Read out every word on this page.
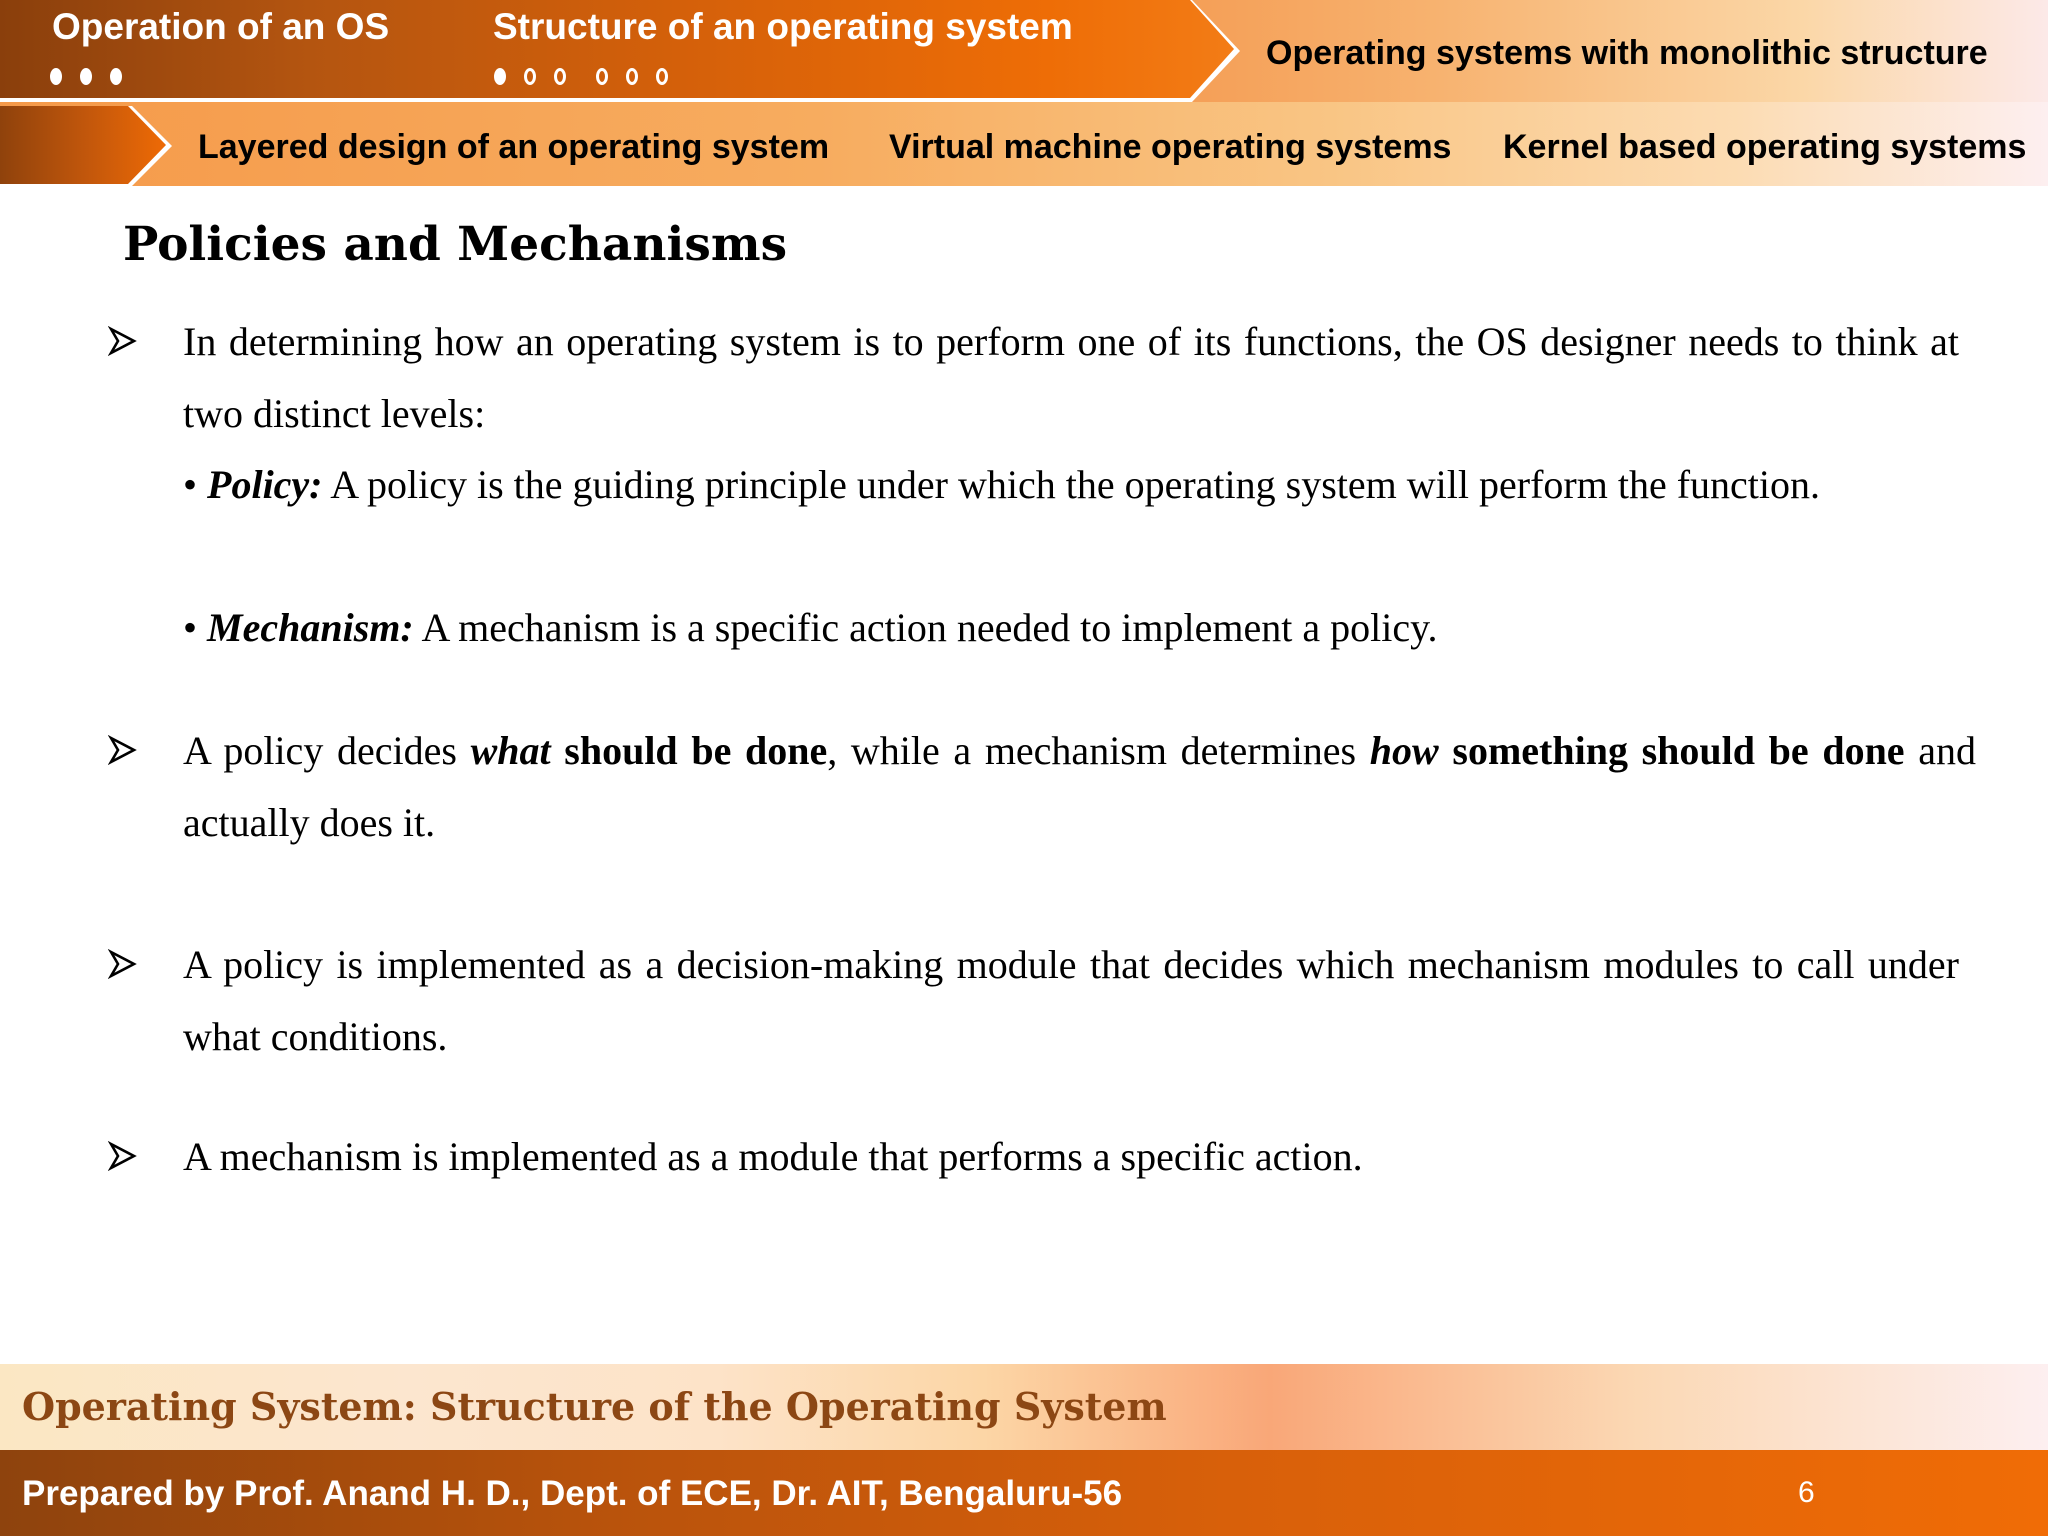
Operation of an OS	Structure of an operating system
Operating systems with monolithic structure
Layered design of an operating system Virtual machine operating systems Kernel based operating systems
Policies and Mechanisms
In determining how an operating system is to perform one of its functions, the OS designer needs to think at two distinct levels:
• Policy: A policy is the guiding principle under which the operating system will perform the function.
• Mechanism: A mechanism is a specific action needed to implement a policy.
A policy decides what should be done, while a mechanism determines how something should be done and actually does it.
A policy is implemented as a decision-making module that decides which mechanism modules to call under what conditions.
A mechanism is implemented as a module that performs a specific action.
Operating System: Structure of the Operating System
Prepared by Prof. Anand H. D., Dept. of ECE, Dr. AIT, Bengaluru-56	6
